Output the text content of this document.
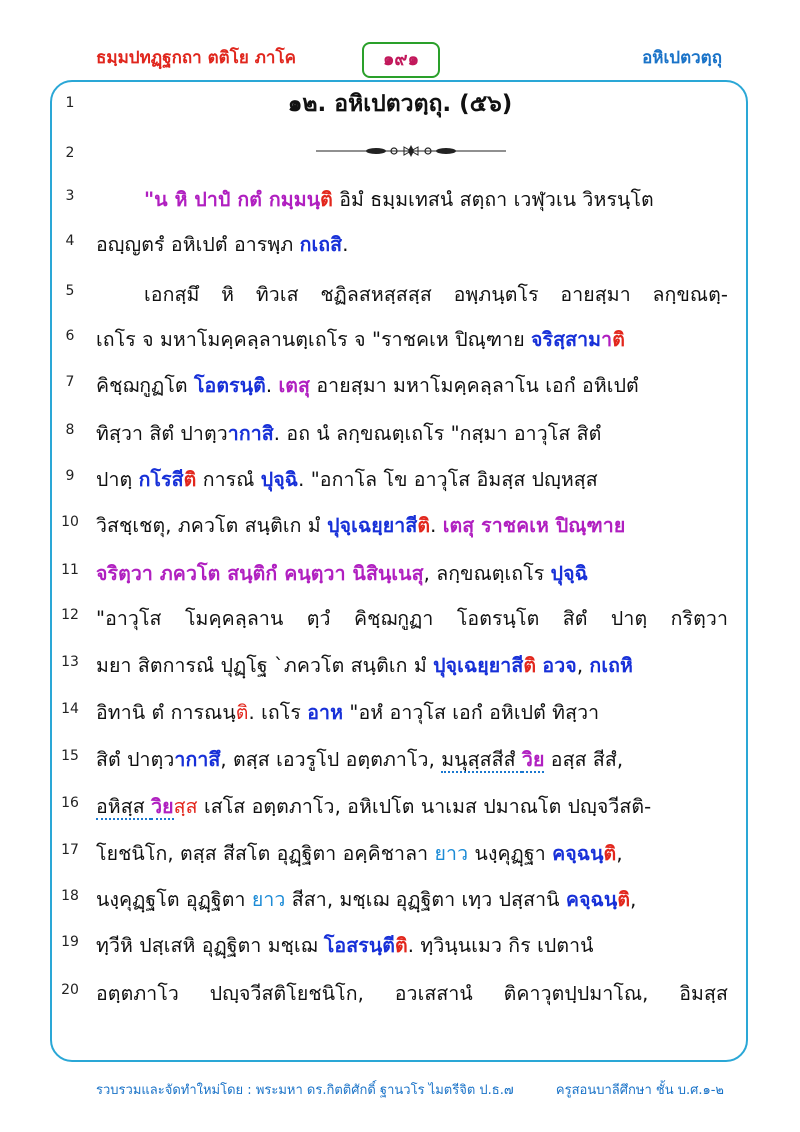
ธมฺมปทฏฺฐกถา ตติโย ภาโค	๑๙๑	อหิเปตวตฺถุ
1
2
3
4
5
6
7
8
9
10
11
12
13
14
15
16
17
18
19
20
๑๒. อหิเปตวตฺถุ. (๕๖)
"น หิ ปาปํ กตํ กมฺมนฺติ อิมํ ธมฺมเทสนํ สตฺถา เวฬุวเน วิหรนฺโต
อญฺญตรํ อหิเปตํ อารพฺภ กเถสิ.
เอกสฺมึ หิ ทิวเส ชฏิลสหสฺสสฺส อพฺภนฺตโร อายสฺมา ลกฺขณตฺ-
เถโร จ มหาโมคฺคลฺลานตฺเถโร จ "ราชคเห ปิณฺฑาย จริสฺสามาติ
คิชฺฌกูฏโต โอตรนฺติ. เตสุ อายสฺมา มหาโมคฺคลฺลาโน เอกํ อหิเปตํ
ทิสฺวา สิตํ ปาตฺวากาสิ. อถ นํ ลกฺขณตฺเถโร "กสฺมา อาวุโส สิตํ
ปาตฺ กโรสีติ การณํ ปุจฺฉิ. "อกาโล โข อาวุโส อิมสฺส ปญฺหสฺส
วิสชฺเชตุ, ภควโต สนฺติเก มํ ปุจฺเฉยฺยาสีติ. เตสุ ราชคเห ปิณฺฑาย
จริตฺวา ภควโต สนฺติกํ คนฺตฺวา นิสินฺเนสุ, ลกฺขณตฺเถโร ปุจฺฉิ
"อาวุโส โมคฺคลฺลาน ตฺวํ คิชฺฌกูฏา โอตรนฺโต สิตํ ปาตฺ กริตฺวา
มยา สิตการณํ ปุฏฺโฐ `ภควโต สนฺติเก มํ ปุจฺเฉยฺยาสีติ อวจ, กเถหิ
อิทานิ ตํ การณนฺติ. เถโร อาห "อหํ อาวุโส เอกํ อหิเปตํ ทิสฺวา
สิตํ ปาตฺวากาสึ, ตสฺส เอวรูโป อตฺตภาโว, มนุสฺสสีสํ วิย อสฺส สีสํ,
อหิสฺส วิยสฺส เสโส อตฺตภาโว, อหิเปโต นาเมส ปมาณโต ปญฺจวีสติ-
โยชนิโก, ตสฺส สีสโต อุฏฺฐิตา อคฺคิชาลา ยาว นงฺคุฏฺฐา คจฺฉนฺติ,
นงฺคุฏฺฐโต อุฏฺฐิตา ยาว สีสา, มชฺเฌ อุฏฺฐิตา เทฺว ปสฺสานิ คจฺฉนฺติ,
ทฺวีหิ ปสฺเสหิ อุฏฺฐิตา มชฺเฌ โอสรนฺตีติ. ทฺวินฺนเมว กิร เปตานํ
อตฺตภาโว ปญฺจวีสติโยชนิโก, อวเสสานํ ติคาวุตปฺปมาโณ, อิมสฺส
รวบรวมและจัดทำใหม่โดย : พระมหา ดร.กิตติศักดิ์ ฐานวโร ไมตรีจิต ป.ธ.๗	ครูสอนบาลีศึกษา ชั้น บ.ศ.๑-๒
